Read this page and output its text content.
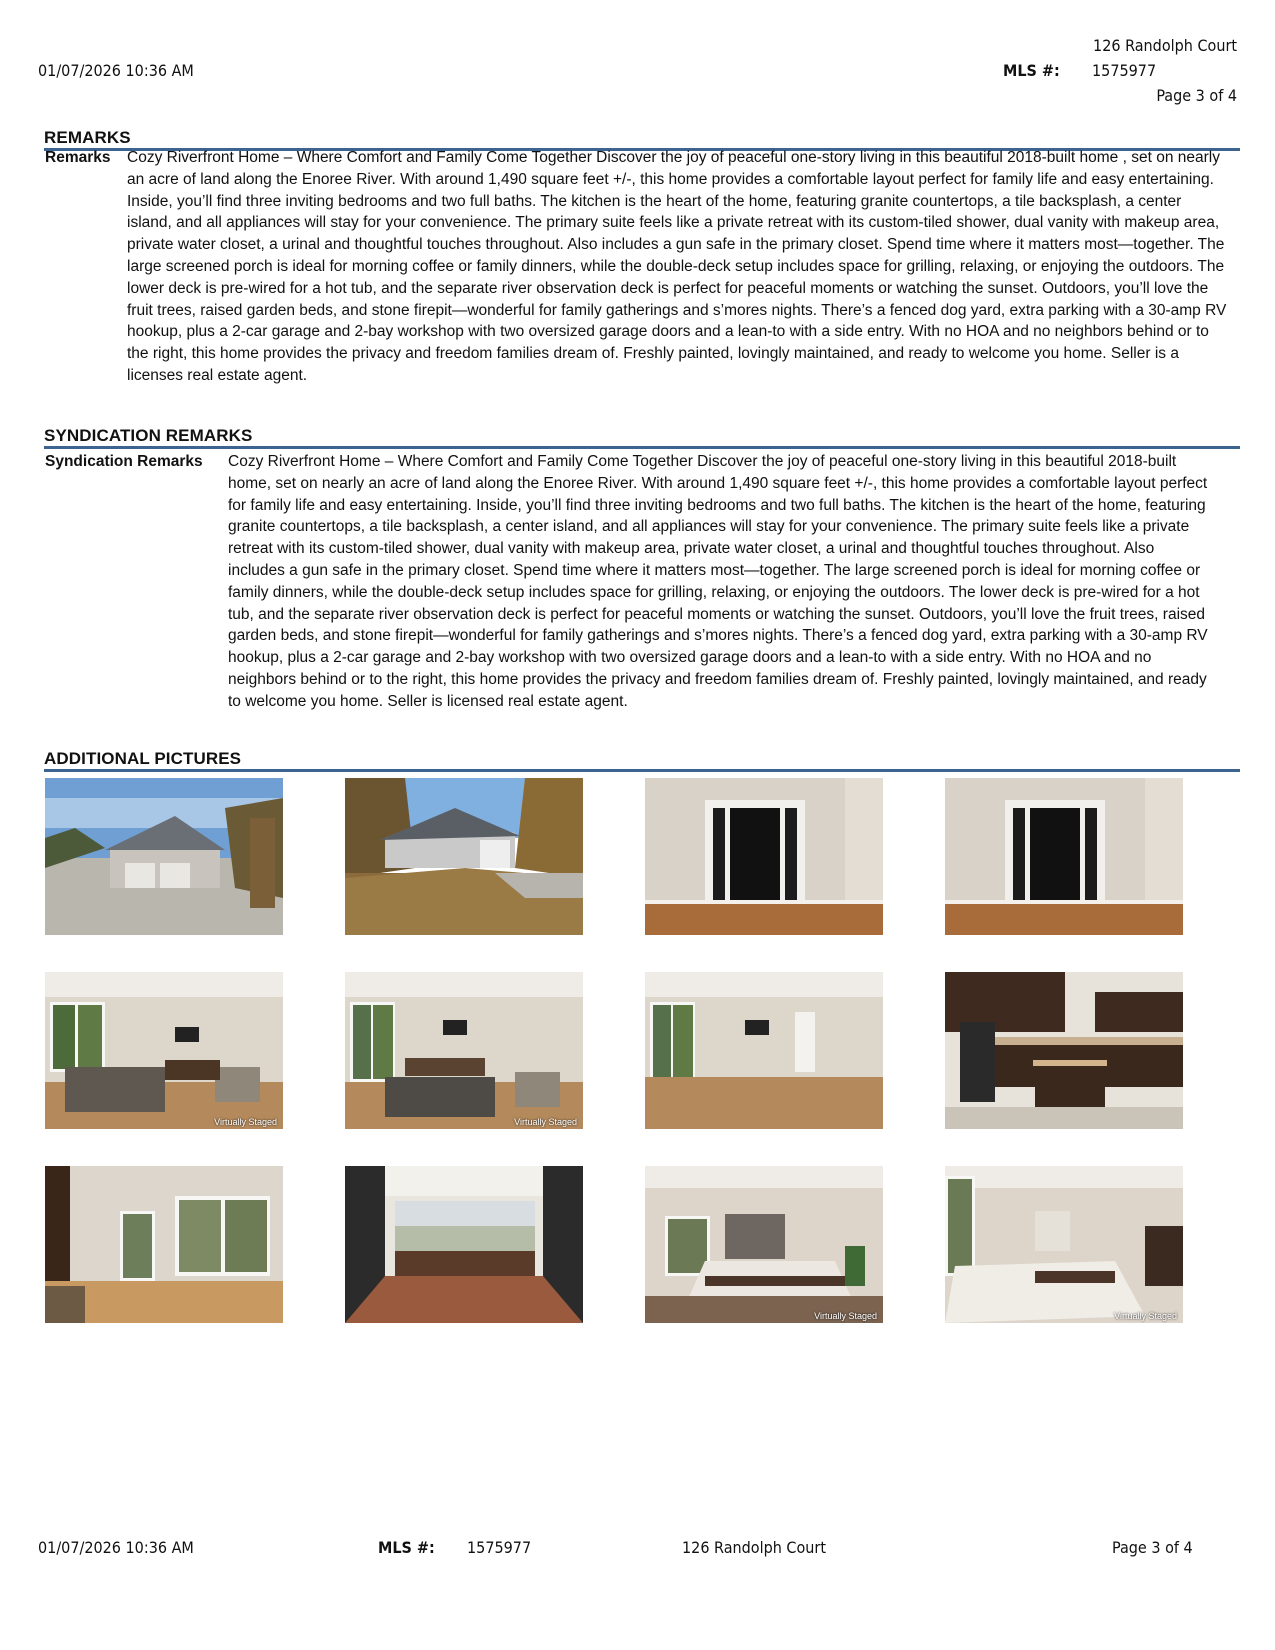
126 Randolph Court
01/07/2026 10:36 AM	MLS #: 1575977
Page 3 of 4
REMARKS
Remarks	Cozy Riverfront Home – Where Comfort and Family Come Together Discover the joy of peaceful one-story living in this beautiful 2018-built home , set on nearly an acre of land along the Enoree River. With around 1,490 square feet +/-, this home provides a comfortable layout perfect for family life and easy entertaining. Inside, you’ll find three inviting bedrooms and two full baths. The kitchen is the heart of the home, featuring granite countertops, a tile backsplash, a center island, and all appliances will stay for your convenience. The primary suite feels like a private retreat with its custom-tiled shower, dual vanity with makeup area, private water closet, a urinal and thoughtful touches throughout. Also includes a gun safe in the primary closet. Spend time where it matters most—together. The large screened porch is ideal for morning coffee or family dinners, while the double-deck setup includes space for grilling, relaxing, or enjoying the outdoors. The lower deck is pre-wired for a hot tub, and the separate river observation deck is perfect for peaceful moments or watching the sunset. Outdoors, you’ll love the fruit trees, raised garden beds, and stone firepit—wonderful for family gatherings and s’mores nights. There’s a fenced dog yard, extra parking with a 30-amp RV hookup, plus a 2-car garage and 2-bay workshop with two oversized garage doors and a lean-to with a side entry. With no HOA and no neighbors behind or to the right, this home provides the privacy and freedom families dream of. Freshly painted, lovingly maintained, and ready to welcome you home. Seller is a licenses real estate agent.
SYNDICATION REMARKS
Syndication Remarks	Cozy Riverfront Home – Where Comfort and Family Come Together Discover the joy of peaceful one-story living in this beautiful 2018-built home, set on nearly an acre of land along the Enoree River. With around 1,490 square feet +/-, this home provides a comfortable layout perfect for family life and easy entertaining. Inside, you’ll find three inviting bedrooms and two full baths. The kitchen is the heart of the home, featuring granite countertops, a tile backsplash, a center island, and all appliances will stay for your convenience. The primary suite feels like a private retreat with its custom-tiled shower, dual vanity with makeup area, private water closet, a urinal and thoughtful touches throughout. Also includes a gun safe in the primary closet. Spend time where it matters most—together. The large screened porch is ideal for morning coffee or family dinners, while the double-deck setup includes space for grilling, relaxing, or enjoying the outdoors. The lower deck is pre-wired for a hot tub, and the separate river observation deck is perfect for peaceful moments or watching the sunset. Outdoors, you’ll love the fruit trees, raised garden beds, and stone firepit—wonderful for family gatherings and s’mores nights. There’s a fenced dog yard, extra parking with a 30-amp RV hookup, plus a 2-car garage and 2-bay workshop with two oversized garage doors and a lean-to with a side entry. With no HOA and no neighbors behind or to the right, this home provides the privacy and freedom families dream of. Freshly painted, lovingly maintained, and ready to welcome you home. Seller is licensed real estate agent.
ADDITIONAL PICTURES
Virtually Staged	Virtually Staged
Virtually Staged	Virtually Staged
01/07/2026 10:36 AM	MLS #: 1575977	126 Randolph Court	Page 3 of 4
